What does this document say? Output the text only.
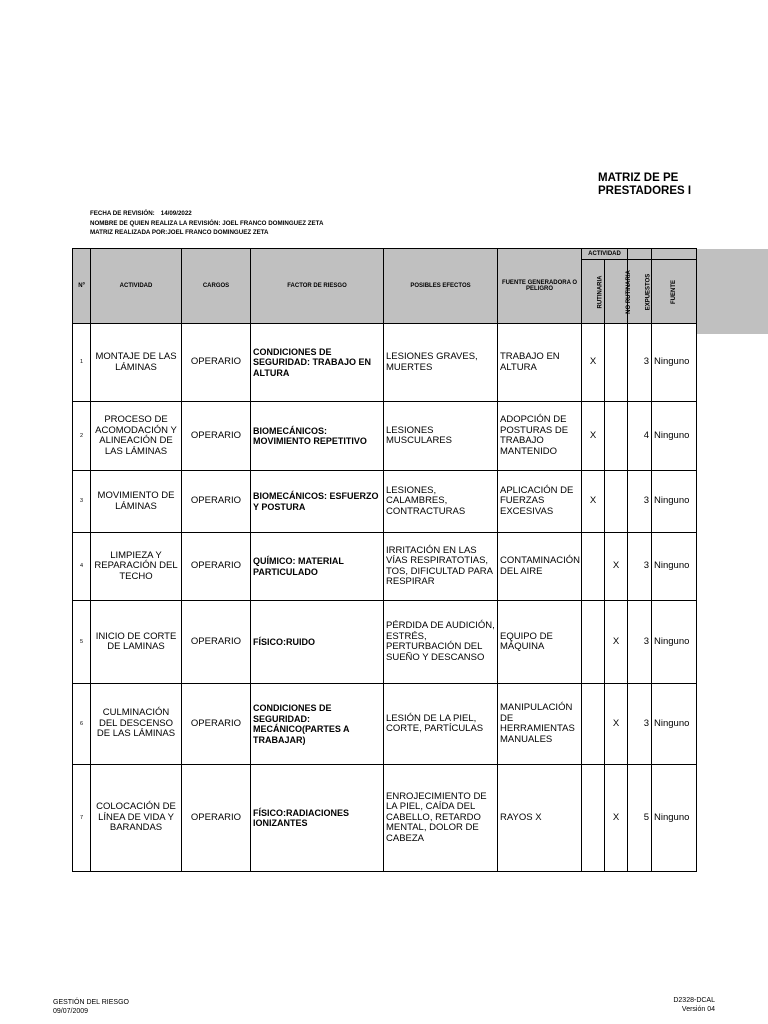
MATRIZ DE PE
PRESTADORES I
FECHA DE REVISIÓN: 14/09/2022
NOMBRE DE QUIEN REALIZA LA REVISIÓN: JOEL FRANCO DOMINGUEZ ZETA
MATRIZ REALIZADA POR:JOEL FRANCO DOMINGUEZ ZETA
Nº	ACTIVIDAD	CARGOS	FACTOR DE RIESGO	POSIBLES EFECTOS	FUENTE GENERADORA O PELIGRO	ACTIVIDAD			
						RUTINARIA	NO RUTINARIA	EXPUESTOS	FUENTE
1	MONTAJE DE LAS LÁMINAS	OPERARIO	CONDICIONES DE SEGURIDAD: TRABAJO EN ALTURA	LESIONES GRAVES, MUERTES	TRABAJO EN ALTURA	X		3	Ninguno
2	PROCESO DE ACOMODACIÓN Y ALINEACIÓN DE LAS LÁMINAS	OPERARIO	BIOMECÁNICOS: MOVIMIENTO REPETITIVO	LESIONES MUSCULARES	ADOPCIÓN DE POSTURAS DE TRABAJO MANTENIDO	X		4	Ninguno
3	MOVIMIENTO DE LÁMINAS	OPERARIO	BIOMECÁNICOS: ESFUERZO Y POSTURA	LESIONES, CALAMBRES, CONTRACTURAS	APLICACIÓN DE FUERZAS EXCESIVAS	X		3	Ninguno
4	LIMPIEZA Y REPARACIÓN DEL TECHO	OPERARIO	QUÍMICO: MATERIAL PARTICULADO	IRRITACIÓN EN LAS VÍAS RESPIRATOTIAS, TOS, DIFICULTAD PARA RESPIRAR	CONTAMINACIÓN DEL AIRE		X	3	Ninguno
5	INICIO DE CORTE DE LAMINAS	OPERARIO	FÍSICO:RUIDO	PÉRDIDA DE AUDICIÓN, ESTRÉS, PERTURBACIÓN DEL SUEÑO Y DESCANSO	EQUIPO DE MÁQUINA		X	3	Ninguno
6	CULMINACIÓN DEL DESCENSO DE LAS LÁMINAS	OPERARIO	CONDICIONES DE SEGURIDAD: MECÁNICO(PARTES A TRABAJAR)	LESIÓN DE LA PIEL, CORTE, PARTÍCULAS	MANIPULACIÓN DE HERRAMIENTAS MANUALES		X	3	Ninguno
7	COLOCACIÓN DE LÍNEA DE VIDA Y BARANDAS	OPERARIO	FÍSICO:RADIACIONES IONIZANTES	ENROJECIMIENTO DE LA PIEL, CAÍDA DEL CABELLO, RETARDO MENTAL, DOLOR DE CABEZA	RAYOS X		X	5	Ninguno
GESTIÓN DEL RIESGO
09/07/2009
D2328-DCAL
Versión 04
